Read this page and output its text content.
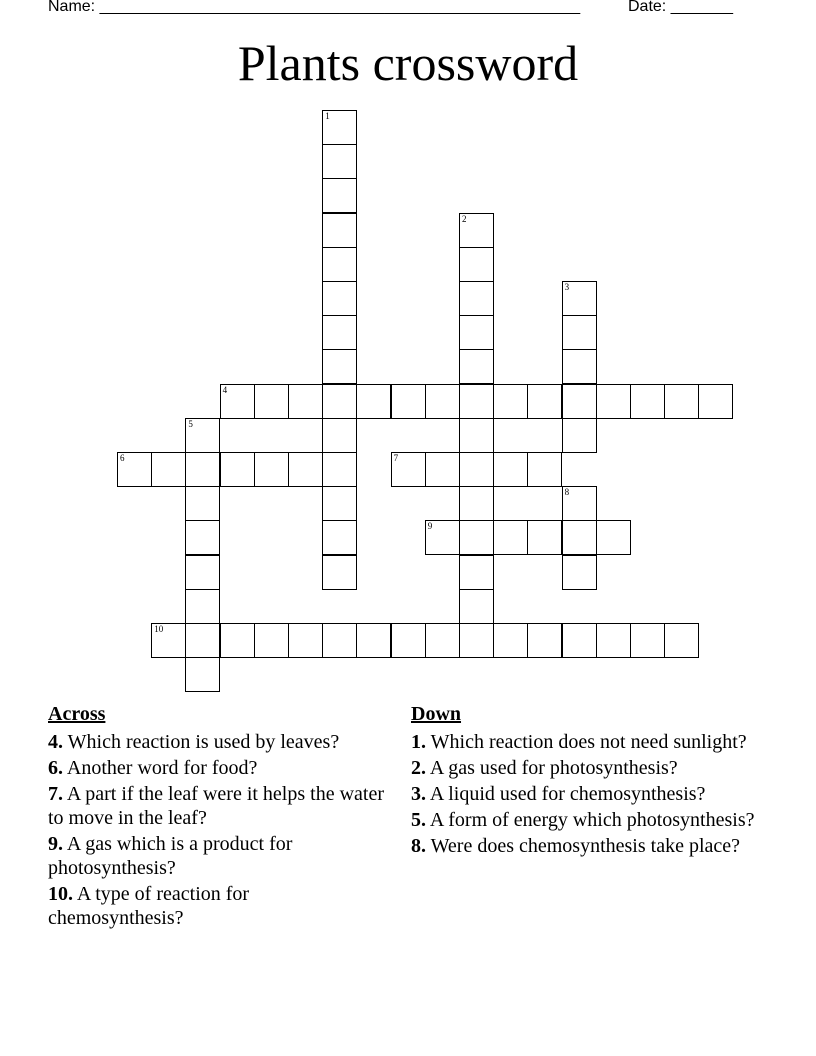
Name: ______________________________________________________	Date: _______
Plants crossword
1
2
3
4
5
6	7
8
9
10
Across
4. Which reaction is used by leaves?
6. Another word for food?
7. A part if the leaf were it helps the water to move in the leaf?
9. A gas which is a product for photosynthesis?
10. A type of reaction for chemosynthesis?
Down
1. Which reaction does not need sunlight?
2. A gas used for photosynthesis?
3. A liquid used for chemosynthesis?
5. A form of energy which photosynthesis?
8. Were does chemosynthesis take place?
